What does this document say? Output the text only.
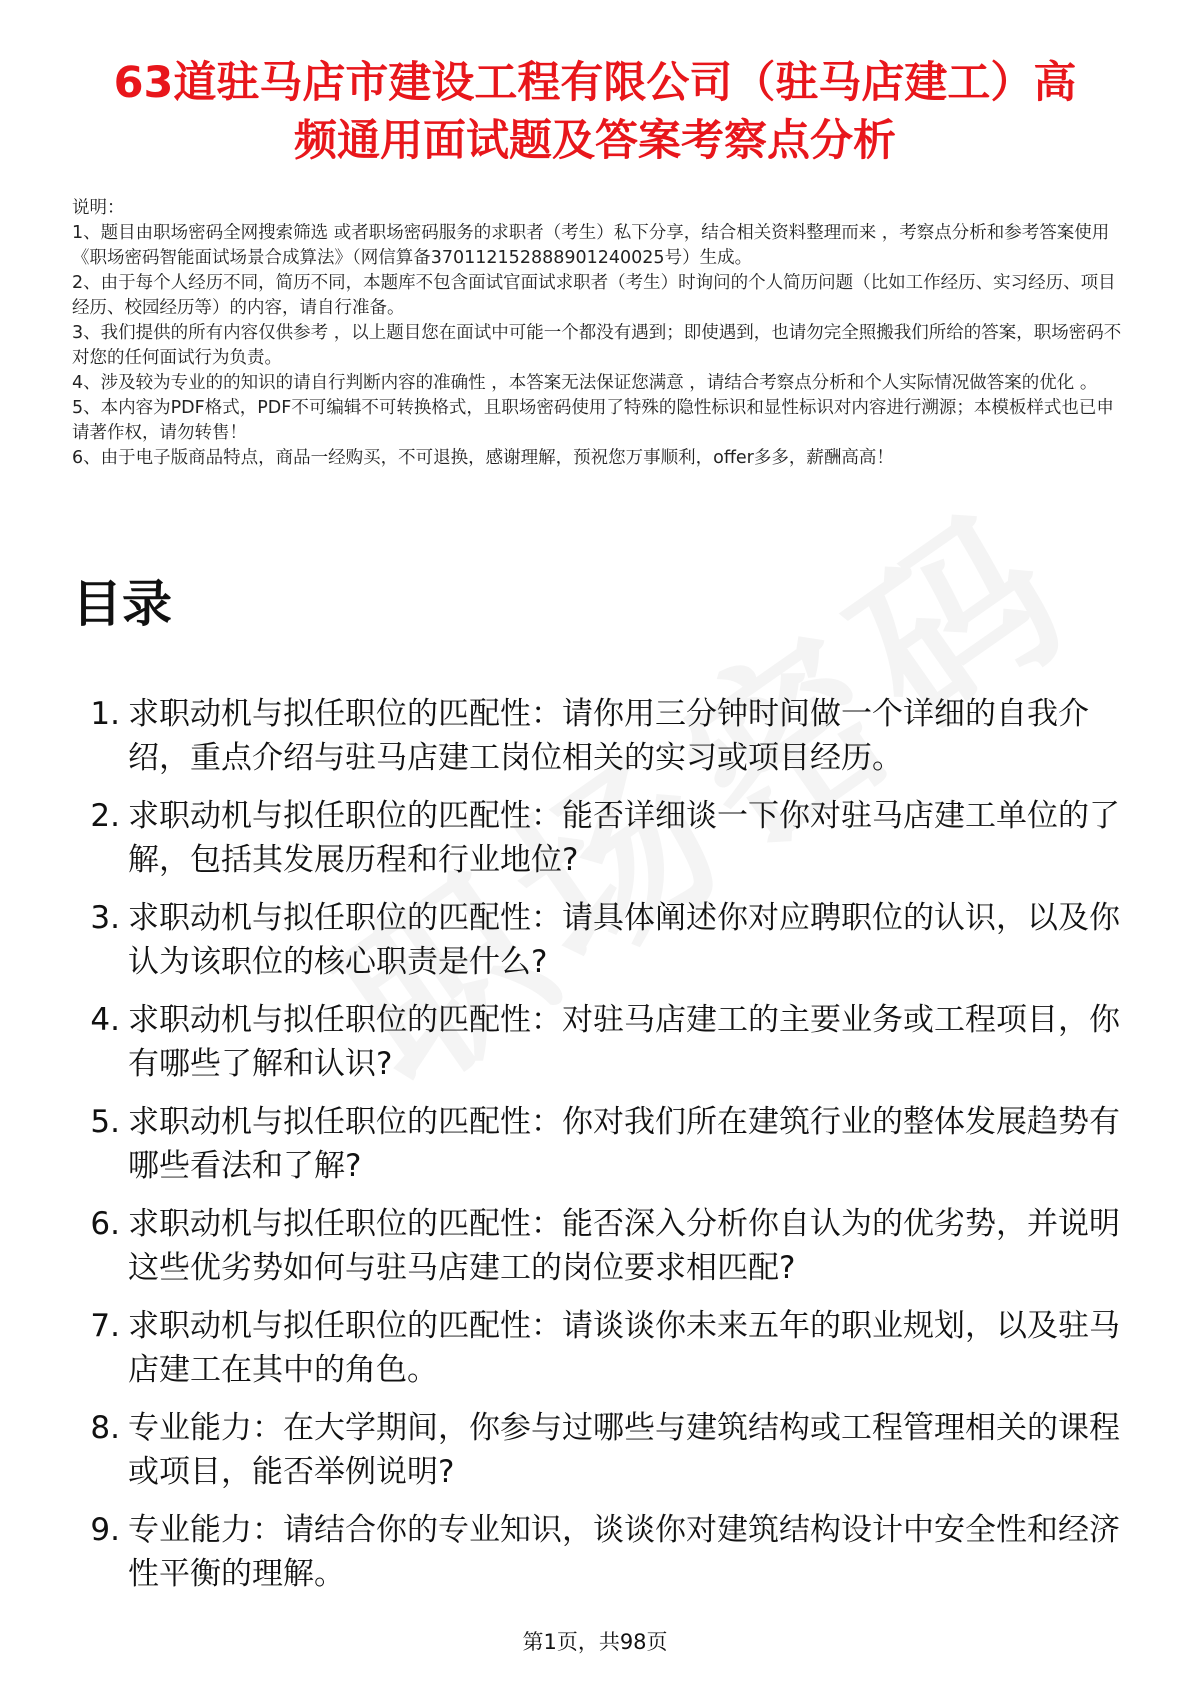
63道驻马店市建设工程有限公司（驻马店建工）高频通用面试题及答案考察点分析

说明：

1、题目由职场密码全网搜索筛选 或者职场密码服务的求职者（考生）私下分享，结合相关资料整理而来 ，考察点分析和参考答案使用《职场密码智能面试场景合成算法》（网信算备370112152888901240025号）生成。

2、由于每个人经历不同，简历不同，本题库不包含面试官面试求职者（考生）时询问的个人简历问题（比如工作经历、实习经历、项目经历、校园经历等）的内容，请自行准备。

3、我们提供的所有内容仅供参考 ，以上题目您在面试中可能一个都没有遇到；即使遇到，也请勿完全照搬我们所给的答案，职场密码不对您的任何面试行为负责。

4、涉及较为专业的的知识的请自行判断内容的准确性 ，本答案无法保证您满意 ，请结合考察点分析和个人实际情况做答案的优化 。

5、本内容为PDF格式，PDF不可编辑不可转换格式，且职场密码使用了特殊的隐性标识和显性标识对内容进行溯源；本模板样式也已申请著作权，请勿转售！

6、由于电子版商品特点，商品一经购买，不可退换，感谢理解，预祝您万事顺利，offer多多，薪酬高高！

目录
1. 求职动机与拟任职位的匹配性：请你用三分钟时间做一个详细的自我介绍，重点介绍与驻马店建工岗位相关的实习或项目经历。
2. 求职动机与拟任职位的匹配性：能否详细谈一下你对驻马店建工单位的了解，包括其发展历程和行业地位?
3. 求职动机与拟任职位的匹配性：请具体阐述你对应聘职位的认识，以及你认为该职位的核心职责是什么?
4. 求职动机与拟任职位的匹配性：对驻马店建工的主要业务或工程项目，你有哪些了解和认识?
5. 求职动机与拟任职位的匹配性：你对我们所在建筑行业的整体发展趋势有哪些看法和了解?
6. 求职动机与拟任职位的匹配性：能否深入分析你自认为的优劣势，并说明这些优劣势如何与驻马店建工的岗位要求相匹配?
7. 求职动机与拟任职位的匹配性：请谈谈你未来五年的职业规划，以及驻马店建工在其中的角色。
8. 专业能力：在大学期间，你参与过哪些与建筑结构或工程管理相关的课程或项目，能否举例说明?
9. 专业能力：请结合你的专业知识，谈谈你对建筑结构设计中安全性和经济性平衡的理解。
第1页，共98页
